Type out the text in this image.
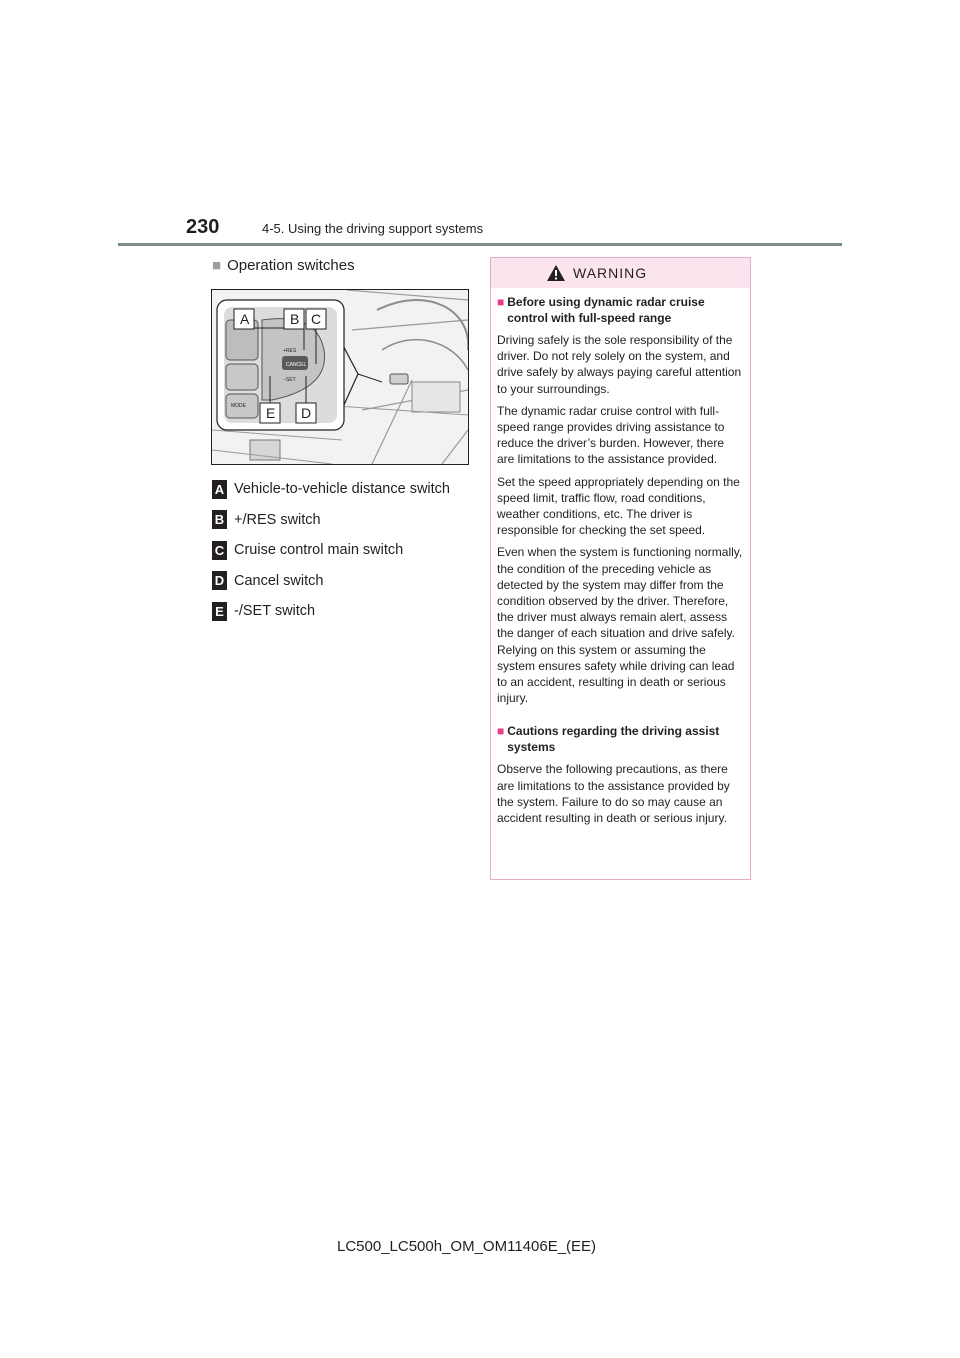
230	4-5. Using the driving support systems
■ Operation switches
CANCEL
+RES
−SET
MODE
A	B C
D
E
A Vehicle-to-vehicle distance switch
B +/RES switch
C Cruise control main switch
D Cancel switch
E -/SET switch
WARNING
■ Before using dynamic radar cruise control with full-speed range

Driving safely is the sole responsibility of the driver. Do not rely solely on the system, and drive safely by always paying careful attention to your surroundings.

The dynamic radar cruise control with full-speed range provides driving assistance to reduce the driver’s burden. However, there are limitations to the assistance provided.

Set the speed appropriately depending on the speed limit, traffic flow, road conditions, weather conditions, etc. The driver is responsible for checking the set speed.

Even when the system is functioning normally, the condition of the preceding vehicle as detected by the system may differ from the condition observed by the driver. Therefore, the driver must always remain alert, assess the danger of each situation and drive safely. Relying on this system or assuming the system ensures safety while driving can lead to an accident, resulting in death or serious injury.

■ Cautions regarding the driving assist systems

Observe the following precautions, as there are limitations to the assistance provided by the system. Failure to do so may cause an accident resulting in death or serious injury.

LC500_LC500h_OM_OM11406E_(EE)
